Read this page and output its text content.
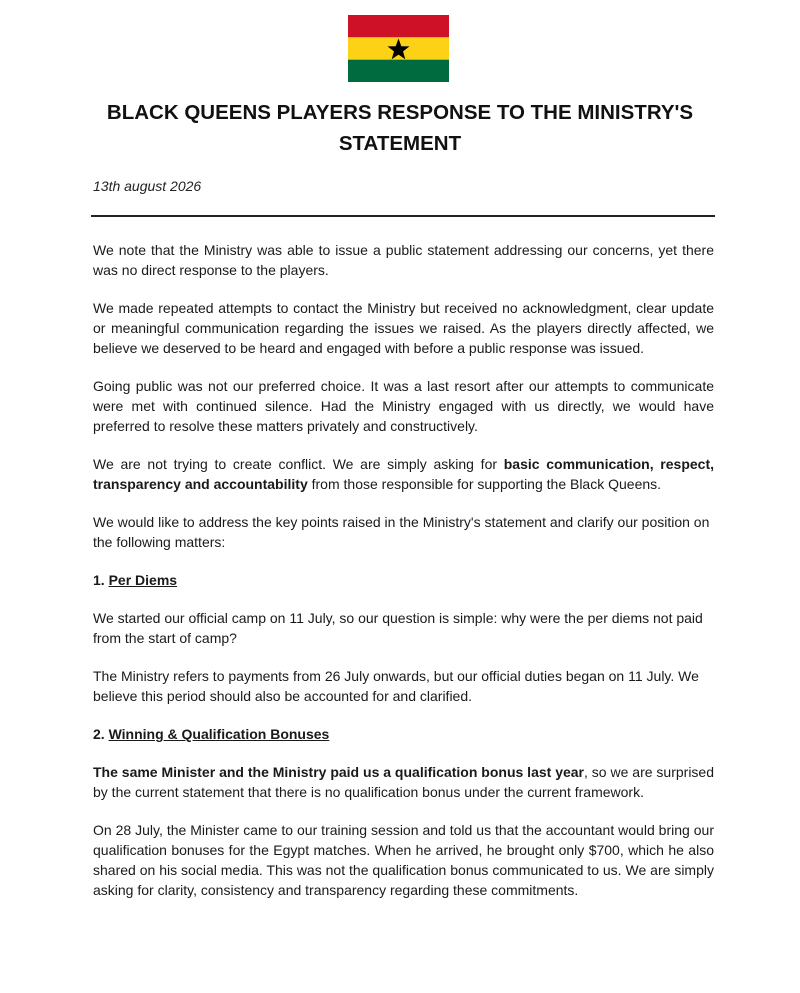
BLACK QUEENS PLAYERS RESPONSE TO THE MINISTRY'S
STATEMENT
13th august 2026

We note that the Ministry was able to issue a public statement addressing our concerns, yet there was no direct response to the players.

We made repeated attempts to contact the Ministry but received no acknowledgment, clear update or meaningful communication regarding the issues we raised. As the players directly affected, we believe we deserved to be heard and engaged with before a public response was issued.

Going public was not our preferred choice. It was a last resort after our attempts to communicate were met with continued silence. Had the Ministry engaged with us directly, we would have preferred to resolve these matters privately and constructively.

We are not trying to create conflict. We are simply asking for basic communication, respect, transparency and accountability from those responsible for supporting the Black Queens.

We would like to address the key points raised in the Ministry's statement and clarify our position on the following matters:

1. Per Diems

We started our official camp on 11 July, so our question is simple: why were the per diems not paid from the start of camp?

The Ministry refers to payments from 26 July onwards, but our official duties began on 11 July. We believe this period should also be accounted for and clarified.

2. Winning & Qualification Bonuses

The same Minister and the Ministry paid us a qualification bonus last year, so we are surprised by the current statement that there is no qualification bonus under the current framework.

On 28 July, the Minister came to our training session and told us that the accountant would bring our qualification bonuses for the Egypt matches. When he arrived, he brought only $700, which he also shared on his social media. This was not the qualification bonus communicated to us. We are simply asking for clarity, consistency and transparency regarding these commitments.
